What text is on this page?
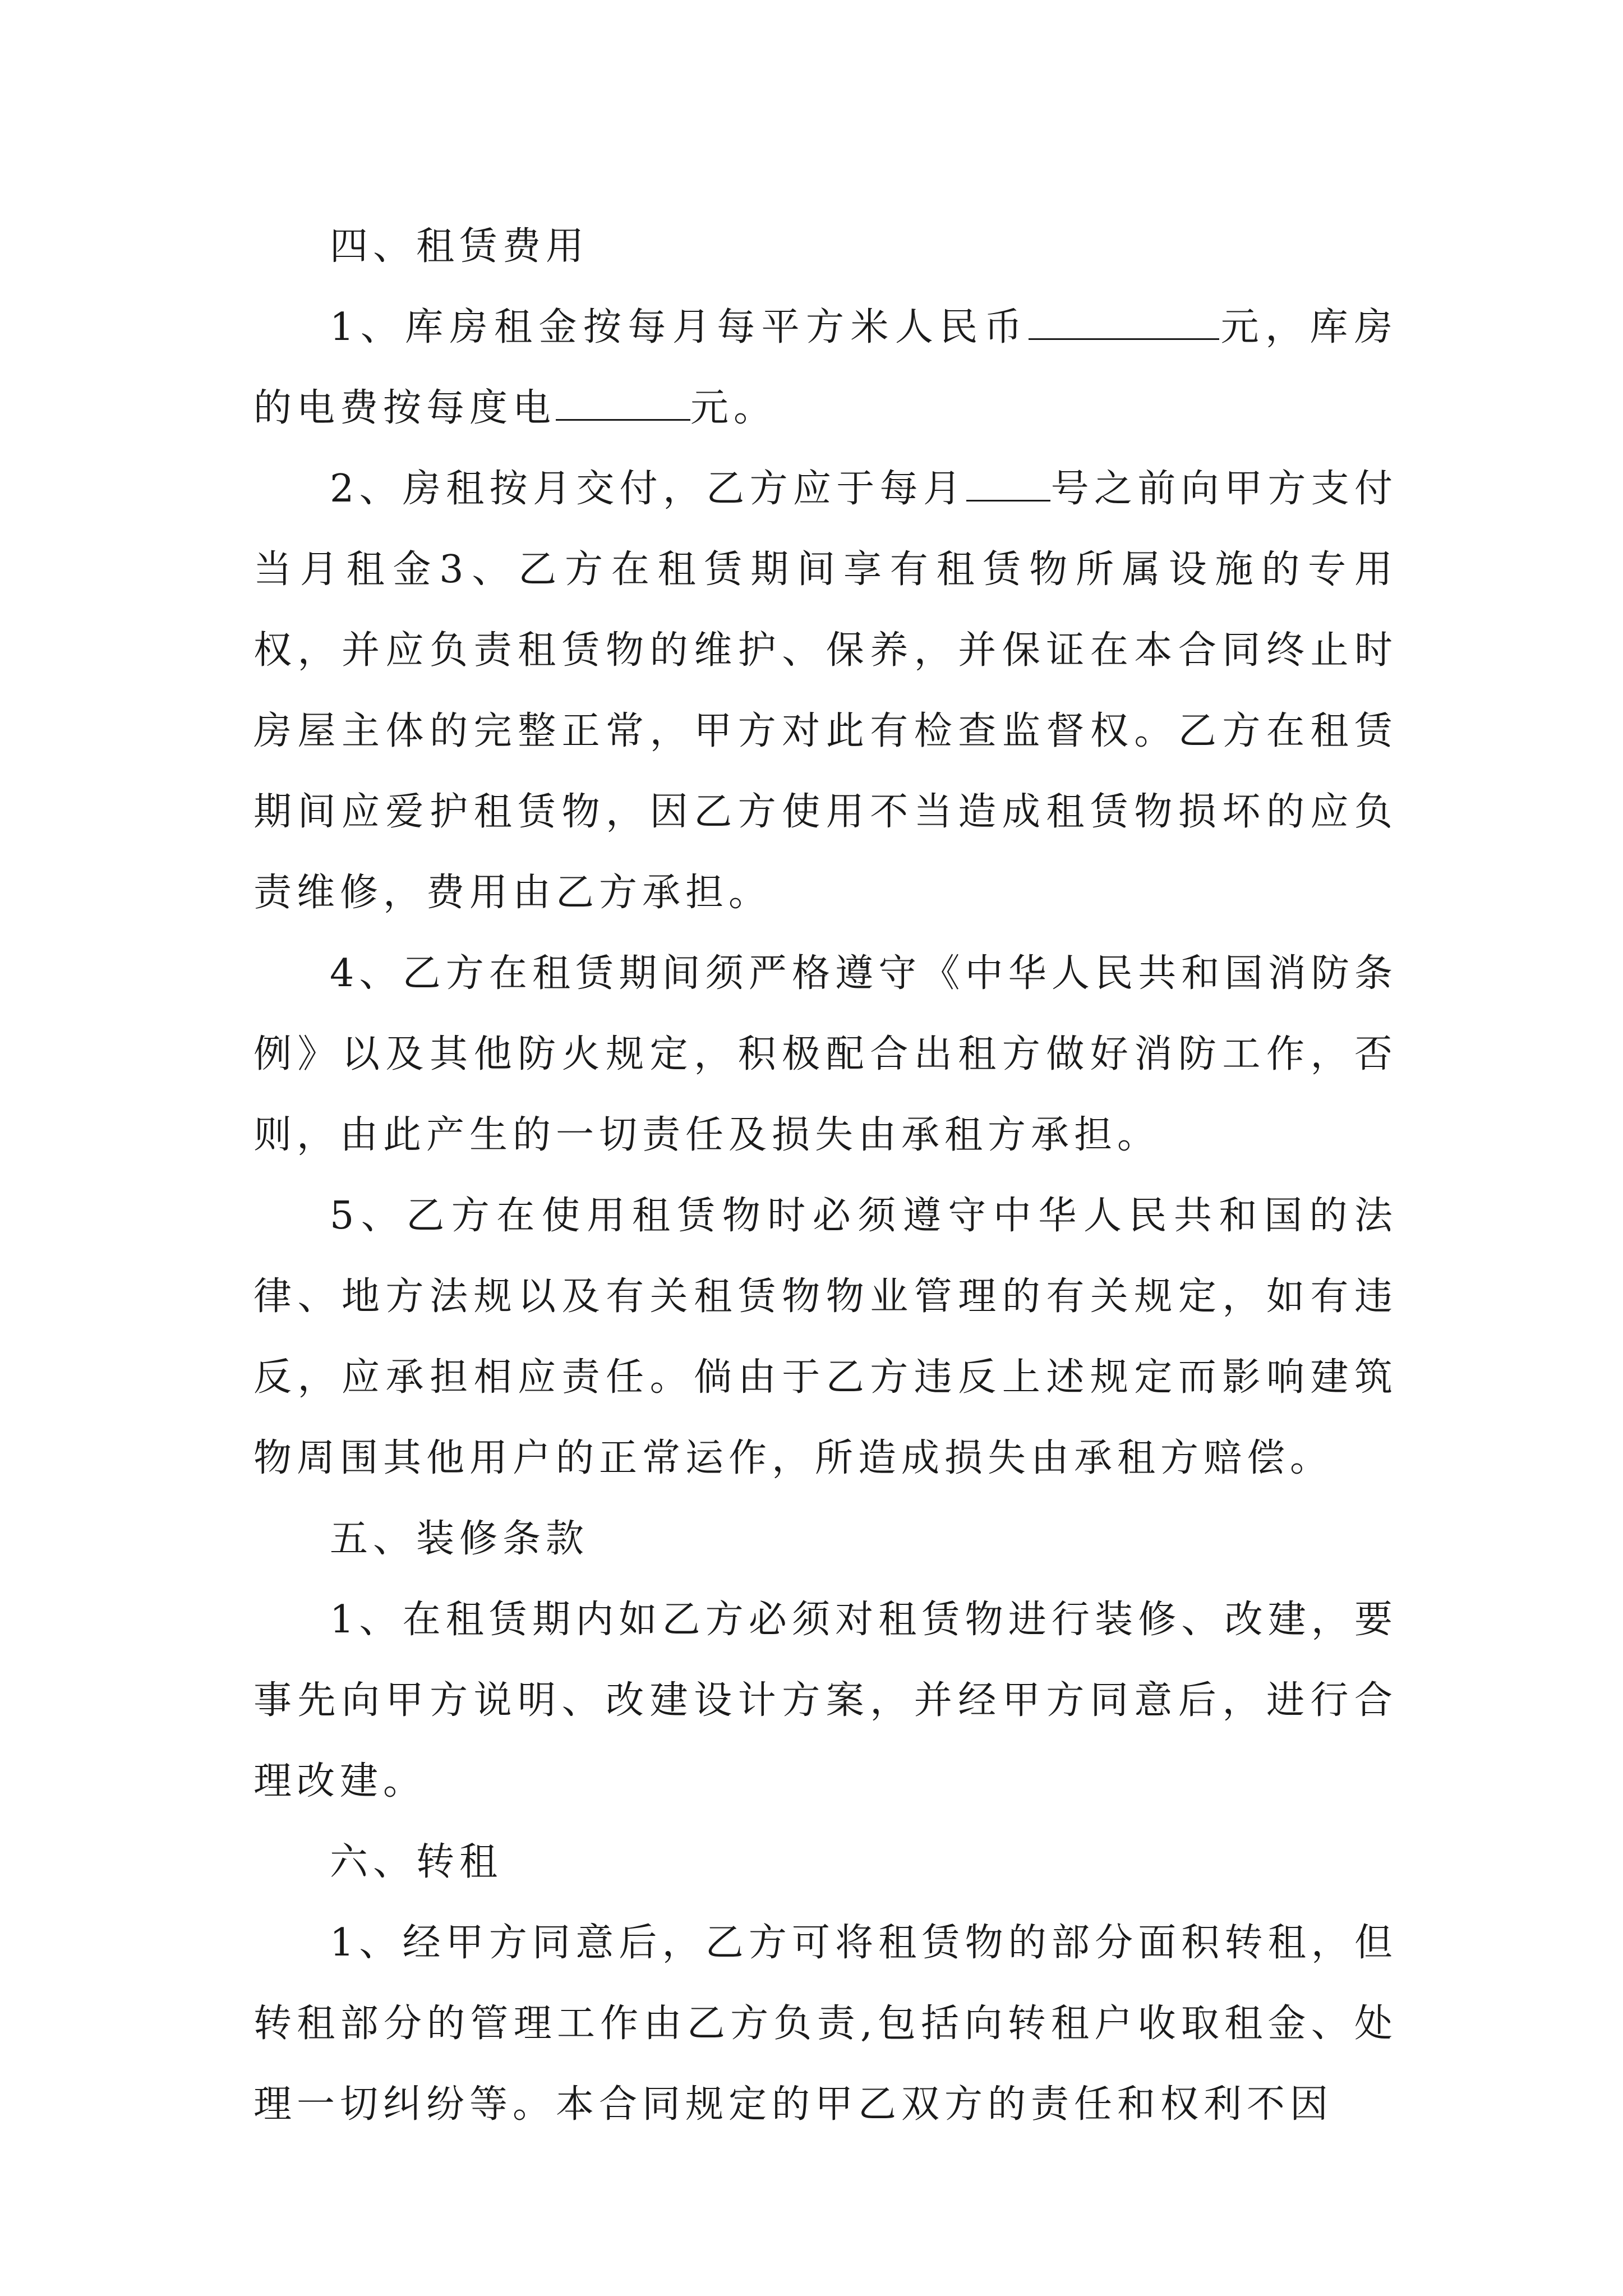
四、租赁费用

1、库房租金按每月每平方米人民币	元，库房的电费按每度电	元。

2、房租按月交付，乙方应于每月 号之前向甲方支付当月租金3、乙方在租赁期间享有租赁物所属设施的专用权，并应负责租赁物的维护、保养，并保证在本合同终止时房屋主体的完整正常，甲方对此有检查监督权。乙方在租赁期间应爱护租赁物，因乙方使用不当造成租赁物损坏的应负责维修，费用由乙方承担。

4、乙方在租赁期间须严格遵守《中华人民共和国消防条例》以及其他防火规定，积极配合出租方做好消防工作，否则，由此产生的一切责任及损失由承租方承担。

5、乙方在使用租赁物时必须遵守中华人民共和国的法律、地方法规以及有关租赁物物业管理的有关规定，如有违反，应承担相应责任。倘由于乙方违反上述规定而影响建筑物周围其他用户的正常运作，所造成损失由承租方赔偿。

五、装修条款

1、在租赁期内如乙方必须对租赁物进行装修、改建，要事先向甲方说明、改建设计方案，并经甲方同意后，进行合理改建。

六、转租

1、经甲方同意后，乙方可将租赁物的部分面积转租，但转租部分的管理工作由乙方负责,包括向转租户收取租金、处理一切纠纷等。本合同规定的甲乙双方的责任和权利不因
